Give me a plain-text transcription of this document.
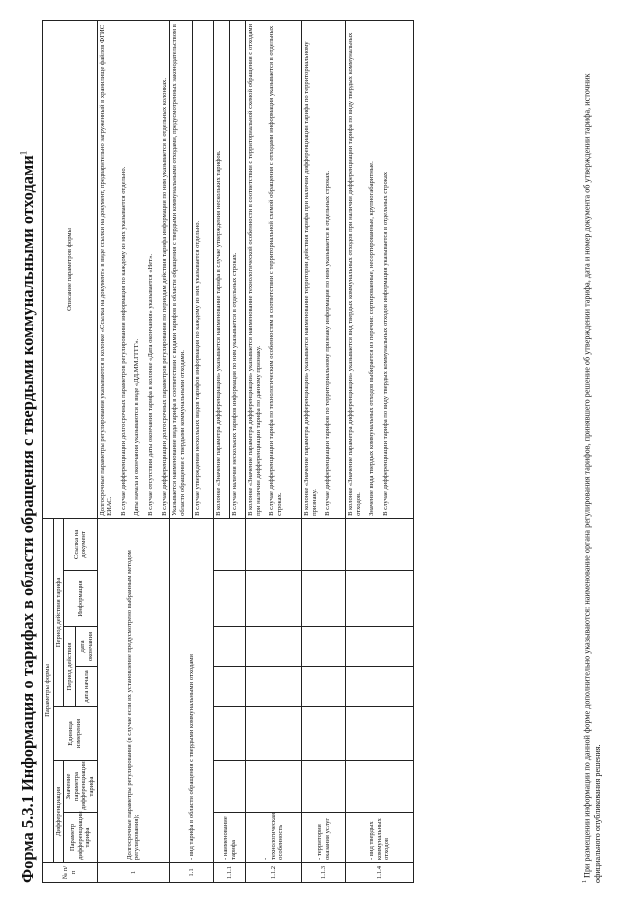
Форма 5.3.1 Информация о тарифах в области обращения с твердыми коммунальными отходами$^1$
№ п/п	Параметры формы							Описание параметров формы
	Дифференциация		Единица измерения	Период действия тарифа				
	Параметр дифференциации тарифа	Значение параметра дифференциации тарифа		Период действия		Информация	Ссылка на документ	
				дата начала	дата окончания			
1	Долгосрочные параметры регулирования (в случае если их установление предусмотрено выбранным методом регулирования);							Долгосрочные параметры регулирования указываются в колонке «Ссылка на документ» в виде ссылки на документ, предварительно загруженный в хранилище файлов ФГИС ЕИАС. В случае дифференциации долгосрочных параметров регулирования информация по каждому из них указывается отдельно. Даты начала и окончания указываются в виде «ДД.ММ.ГГГГ». В случае отсутствия даты окончания тарифа в колонке «Дата окончания» указывается «Нет». В случае дифференциации долгосрочных параметров регулирования по периодам действия тарифа информация по ним указывается в отдельных колонках.

1.1	- вид тарифа в области обращения с твердыми коммунальными отходами							Указывается наименование вида тарифа в соответствии с видами тарифов в области обращения с твердыми коммунальными отходами, предусмотренных законодательством в области обращения с твердыми коммунальными отходами. В случае утверждения нескольких видов тарифов информация по каждому из них указывается отдельно.

1.1.1	- наименование тарифа							В колонке «Значение параметра дифференциации» указывается наименование тарифа в случае утверждения нескольких тарифов. В случае наличия нескольких тарифов информация по ним указывается в отдельных строках.

1.1.2	- технологическая особенность							В колонке «Значение параметра дифференциации» указывается наименование технологической особенности в соответствии с территориальной схемой обращения с отходами при наличии дифференциации тарифа по данному признаку. В случае дифференциации тарифа по технологическим особенностям в соответствии с территориальной схемой обращения с отходами информация указывается в отдельных строках.

1.1.3	- территория оказания услуг							В колонке «Значение параметра дифференциации» указывается наименование территории действия тарифа при наличии дифференциации тарифа по территориальному признаку. В случае дифференциации тарифов по территориальному признаку информация по ним указывается в отдельных строках.

1.1.4	- вид твердых коммунальных отходов							В колонке «Значение параметра дифференциации» указывается вид твердых коммунальных отходов при наличии дифференциации тарифа по виду твердых коммунальных отходов. Значение вида твердых коммунальных отходов выбирается из перечня: сортированные, несортированные, крупногабаритные. В случае дифференциации тарифа по виду твердых коммунальных отходов информация указывается в отдельных строках

$^1$ При размещении информации по данной форме дополнительно указываются: наименование органа регулирования тарифов, принявшего решение об утверждении тарифа, дата и номер документа об утверждении тарифа, источник официального опубликования решения.
